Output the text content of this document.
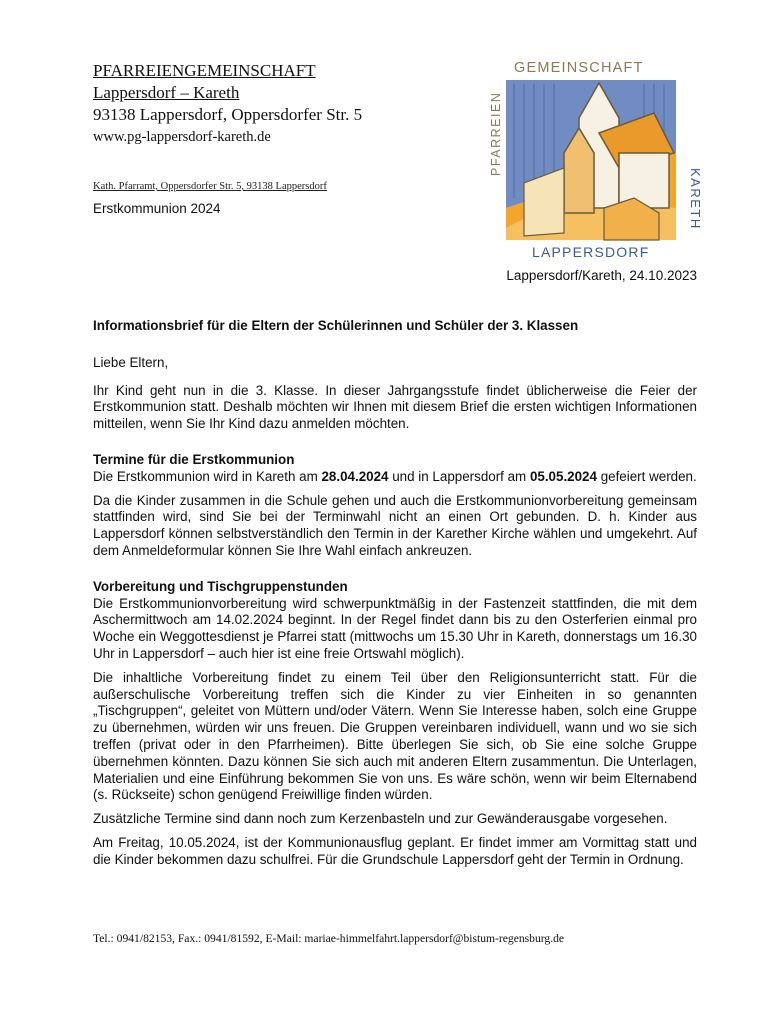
PFARREIENGEMEINSCHAFT
Lappersdorf – Kareth
93138 Lappersdorf, Oppersdorfer Str. 5
www.pg-lappersdorf-kareth.de
Kath. Pfarramt, Oppersdorfer Str. 5, 93138 Lappersdorf
Erstkommunion 2024
GEMEINSCHAFT
PFARREIEN
KARETH
LAPPERSDORF
Lappersdorf/Kareth, 24.10.2023

Informationsbrief für die Eltern der Schülerinnen und Schüler der 3. Klassen

Liebe Eltern,

Ihr Kind geht nun in die 3. Klasse. In dieser Jahrgangsstufe findet üblicherweise die Feier der Erstkommunion statt. Deshalb möchten wir Ihnen mit diesem Brief die ersten wichtigen Informationen mitteilen, wenn Sie Ihr Kind dazu anmelden möchten.

Termine für die Erstkommunion

Die Erstkommunion wird in Kareth am 28.04.2024 und in Lappersdorf am 05.05.2024 gefeiert werden.

Da die Kinder zusammen in die Schule gehen und auch die Erstkommunionvorbereitung gemeinsam stattfinden wird, sind Sie bei der Terminwahl nicht an einen Ort gebunden. D. h. Kinder aus Lappersdorf können selbstverständlich den Termin in der Karether Kirche wählen und umgekehrt. Auf dem Anmeldeformular können Sie Ihre Wahl einfach ankreuzen.

Vorbereitung und Tischgruppenstunden

Die Erstkommunionvorbereitung wird schwerpunktmäßig in der Fastenzeit stattfinden, die mit dem Aschermittwoch am 14.02.2024 beginnt. In der Regel findet dann bis zu den Osterferien einmal pro Woche ein Weggottesdienst je Pfarrei statt (mittwochs um 15.30 Uhr in Kareth, donnerstags um 16.30 Uhr in Lappersdorf – auch hier ist eine freie Ortswahl möglich).

Die inhaltliche Vorbereitung findet zu einem Teil über den Religionsunterricht statt. Für die außerschulische Vorbereitung treffen sich die Kinder zu vier Einheiten in so genannten „Tischgruppen“, geleitet von Müttern und/oder Vätern. Wenn Sie Interesse haben, solch eine Gruppe zu übernehmen, würden wir uns freuen. Die Gruppen vereinbaren individuell, wann und wo sie sich treffen (privat oder in den Pfarrheimen). Bitte überlegen Sie sich, ob Sie eine solche Gruppe übernehmen könnten. Dazu können Sie sich auch mit anderen Eltern zusammentun. Die Unterlagen, Materialien und eine Einführung bekommen Sie von uns. Es wäre schön, wenn wir beim Elternabend (s. Rückseite) schon genügend Freiwillige finden würden.

Zusätzliche Termine sind dann noch zum Kerzenbasteln und zur Gewänderausgabe vorgesehen.

Am Freitag, 10.05.2024, ist der Kommunionausflug geplant. Er findet immer am Vormittag statt und die Kinder bekommen dazu schulfrei. Für die Grundschule Lappersdorf geht der Termin in Ordnung.

Tel.: 0941/82153, Fax.: 0941/81592, E-Mail: mariae-himmelfahrt.lappersdorf@bistum-regensburg.de
